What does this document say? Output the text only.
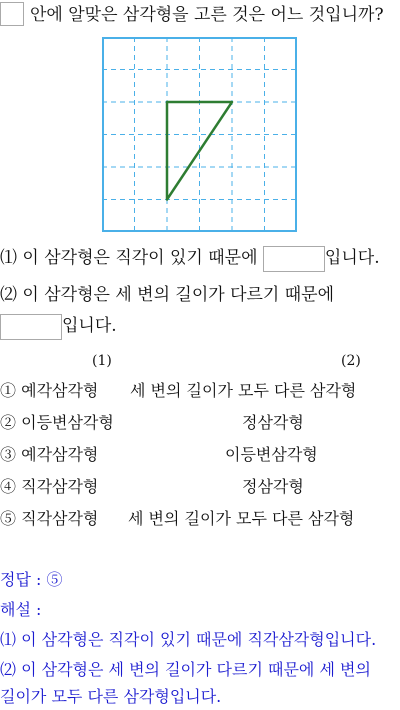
안에 알맞은 삼각형을 고른 것은 어느 것입니까?
⑴ 이 삼각형은 직각이 있기 때문에	입니다.
⑵ 이 삼각형은 세 변의 길이가 다르기 때문에
입니다.
(1)	(2)
① 예각삼각형 세 변의 길이가 모두 다른 삼각형
② 이등변삼각형	정삼각형
③ 예각삼각형	이등변삼각형
④ 직각삼각형	정삼각형
⑤ 직각삼각형 세 변의 길이가 모두 다른 삼각형
정답 : ⑤
해설 :
⑴ 이 삼각형은 직각이 있기 때문에 직각삼각형입니다.
⑵ 이 삼각형은 세 변의 길이가 다르기 때문에 세 변의
길이가 모두 다른 삼각형입니다.
